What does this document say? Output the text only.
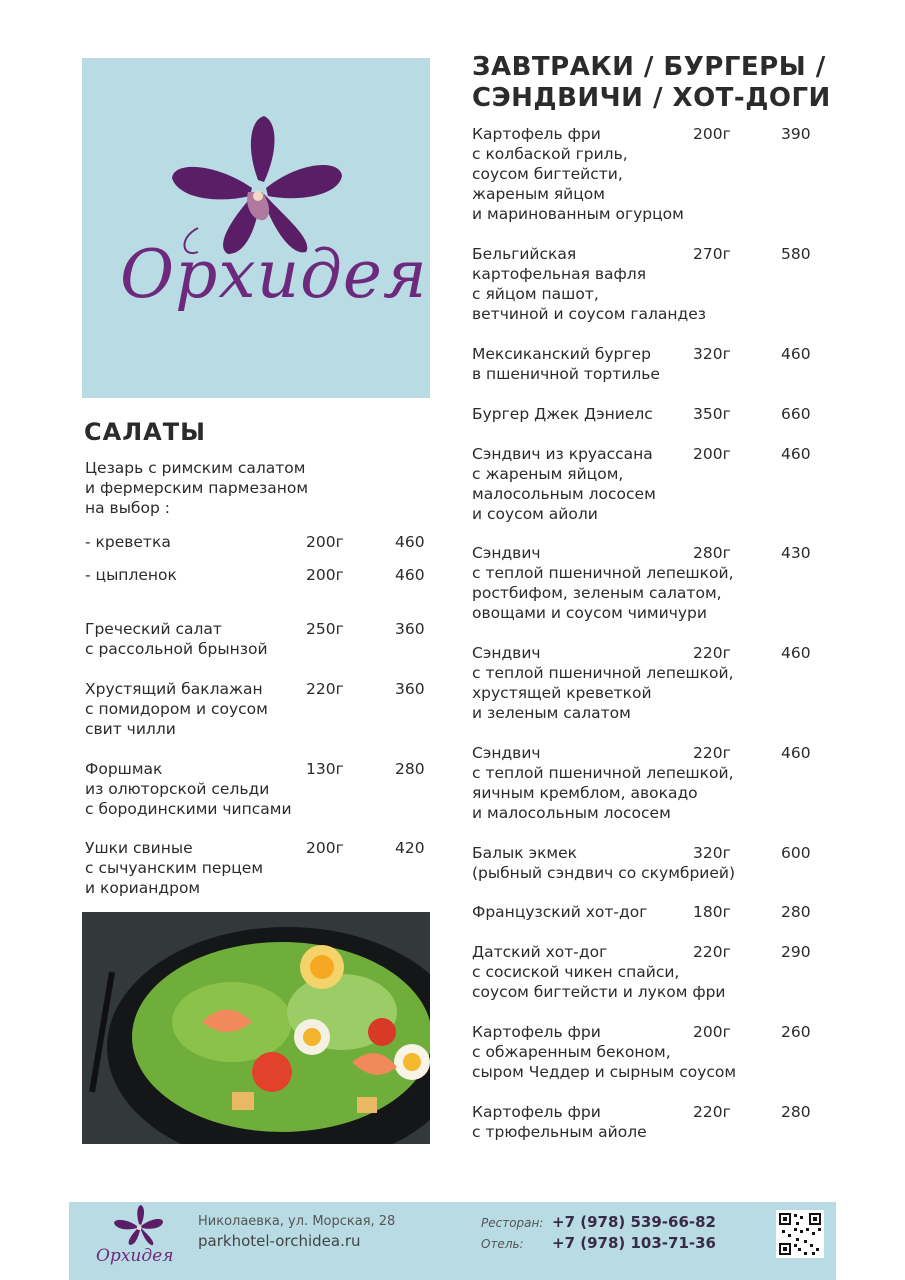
Орхидея
САЛАТЫ
Цезарь с римским салатом
и фермерским пармезаном
на выбор :
- креветка	200г	460
- цыпленок	200г	460
Греческий салат
с рассольной брынзой
250г	360
Хрустящий баклажан
с помидором и соусом
свит чилли
220г	360
Форшмак
из олюторской сельди
с бородинскими чипсами
130г	280
Ушки свиные
с сычуанским перцем
и кориандром
200г	420
ЗАВТРАКИ / БУРГЕРЫ /
СЭНДВИЧИ / ХОТ-ДОГИ
Картофель фри
с колбаской гриль,
соусом бигтейсти,
жареным яйцом
и маринованным огурцом
200г	390
Бельгийская
картофельная вафля
с яйцом пашот,
ветчиной и соусом галандез
270г	580
Мексиканский бургер
в пшеничной тортилье
320г	460
Бургер Джек Дэниелс	350г	660
Сэндвич из круассана
с жареным яйцом,
малосольным лососем
и соусом айоли
200г	460
Сэндвич
с теплой пшеничной лепешкой,
ростбифом, зеленым салатом,
овощами и соусом чимичури
280г	430
Сэндвич
с теплой пшеничной лепешкой,
хрустящей креветкой
и зеленым салатом
220г	460
Сэндвич
с теплой пшеничной лепешкой,
яичным кремблом, авокадо
и малосольным лососем
220г	460
Балык экмек
(рыбный сэндвич со скумбрией)
320г	600
Французский хот-дог	180г	280
Датский хот-дог
с сосиской чикен спайси,
соусом бигтейсти и луком фри
220г	290
Картофель фри
с обжаренным беконом,
сыром Чеддер и сырным соусом
200г	260
Картофель фри
с трюфельным айоле
220г	280
Орхидея
Николаевка, ул. Морская, 28
parkhotel-orchidea.ru
Ресторан: +7 (978) 539-66-82
Отель: +7 (978) 103-71-36
